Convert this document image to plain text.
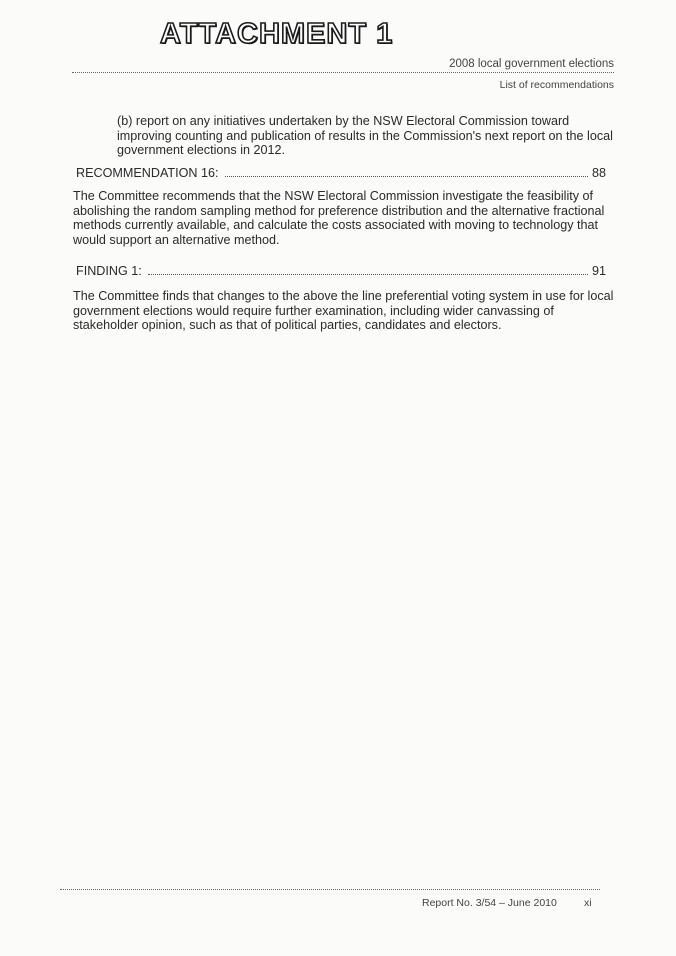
ATTACHMENT 1
2008 local government elections
List of recommendations
(b) report on any initiatives undertaken by the NSW Electoral Commission toward improving counting and publication of results in the Commission's next report on the local government elections in 2012.
RECOMMENDATION 16:	88
The Committee recommends that the NSW Electoral Commission investigate the feasibility of abolishing the random sampling method for preference distribution and the alternative fractional methods currently available, and calculate the costs associated with moving to technology that would support an alternative method.
FINDING 1:	91
The Committee finds that changes to the above the line preferential voting system in use for local government elections would require further examination, including wider canvassing of stakeholder opinion, such as that of political parties, candidates and electors.
Report No. 3/54 – June 2010	xi
